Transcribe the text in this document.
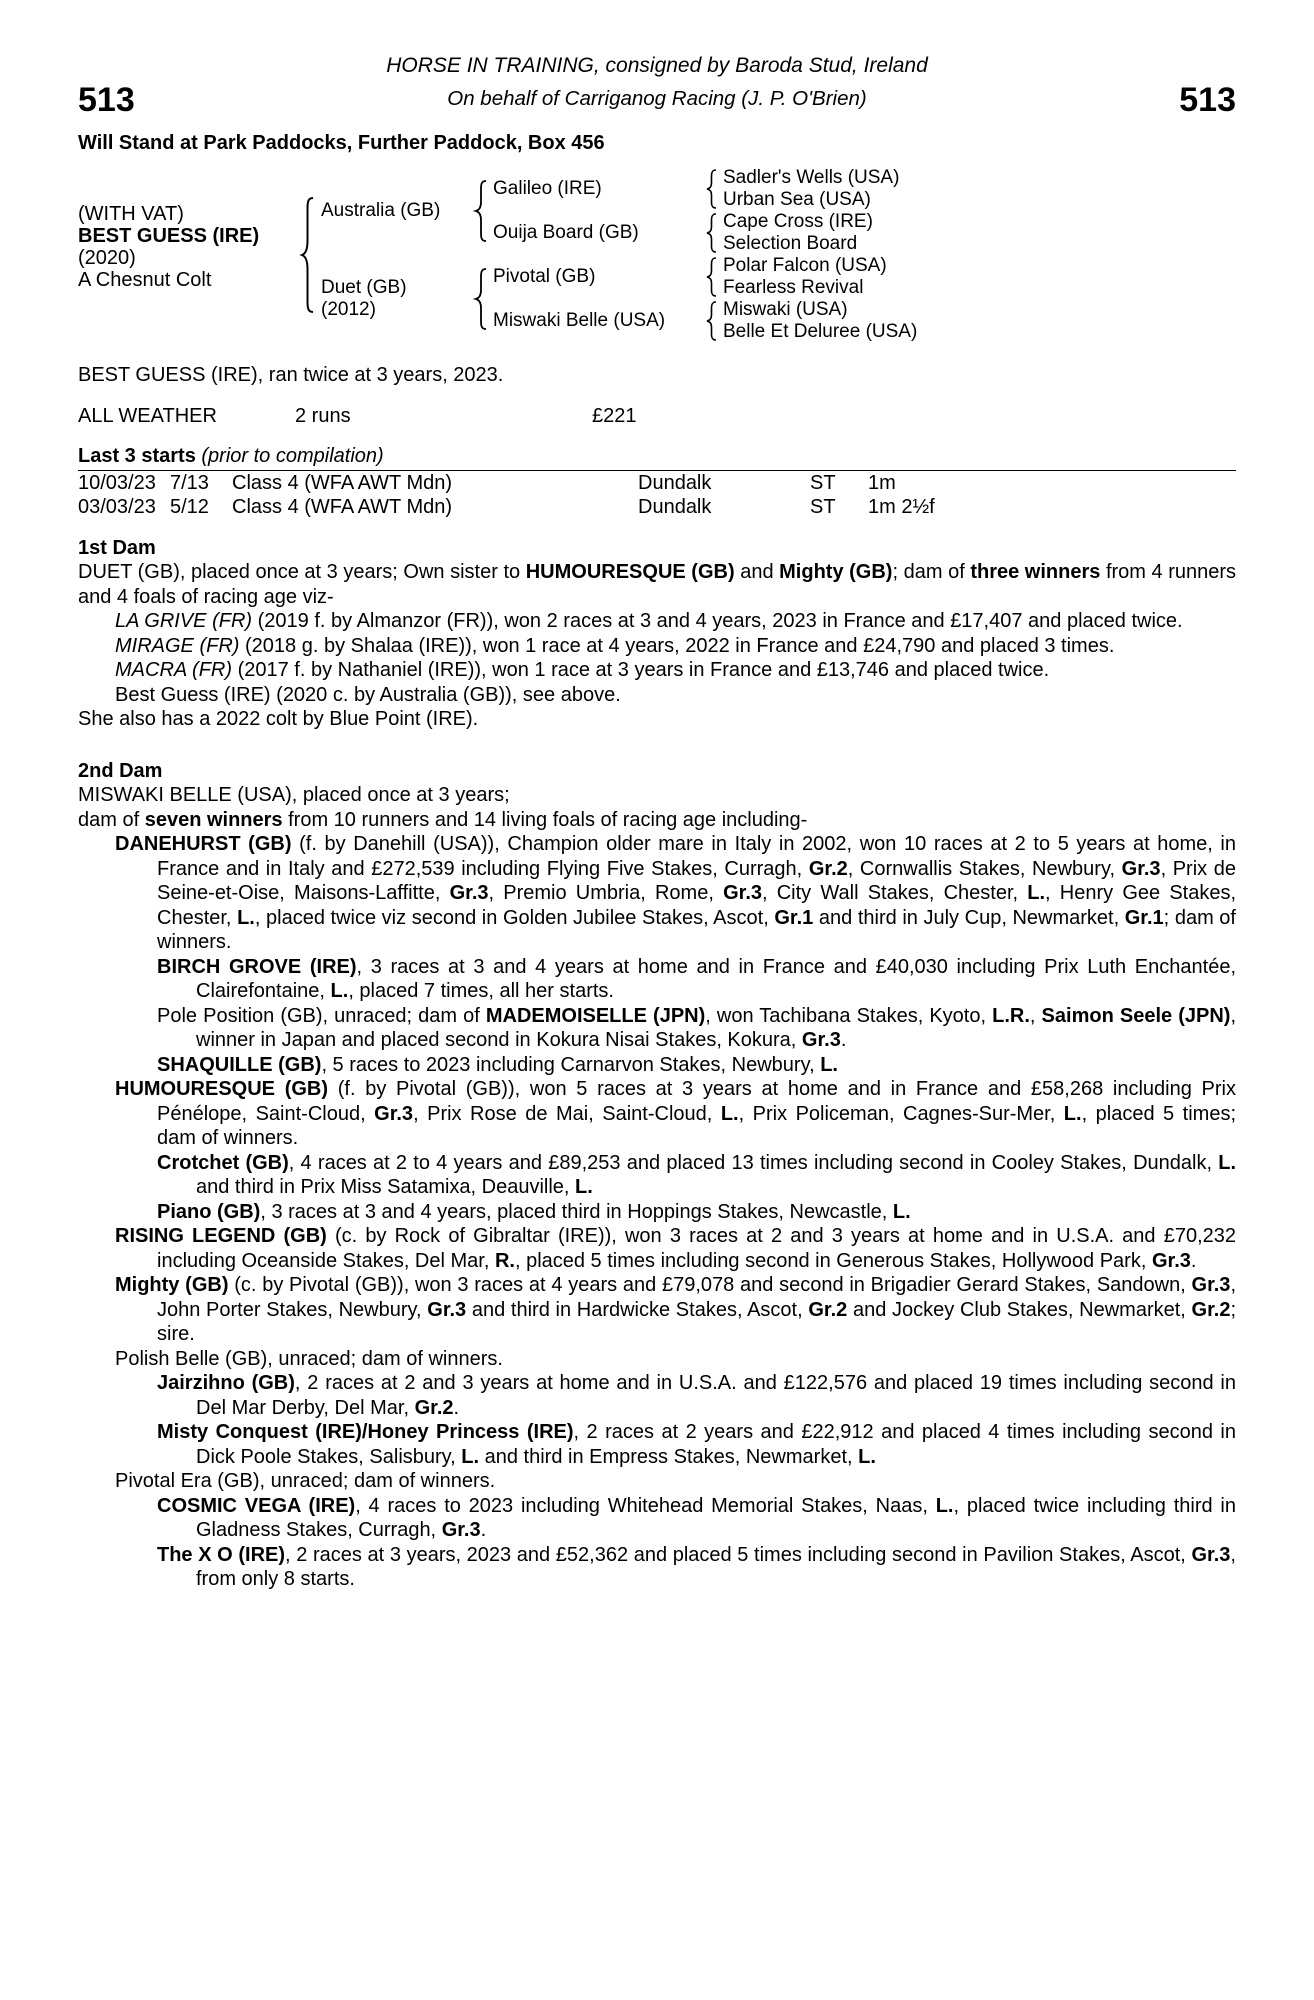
HORSE IN TRAINING, consigned by Baroda Stud, Ireland
513	On behalf of Carriganog Racing (J. P. O'Brien)	513
Will Stand at Park Paddocks, Further Paddock, Box 456
(WITH VAT)
BEST GUESS (IRE)
(2020)
A Chesnut Colt
Australia (GB)
Duet (GB)
(2012)
Galileo (IRE)
Ouija Board (GB)
Pivotal (GB)
Miswaki Belle (USA)
Sadler's Wells (USA)
Urban Sea (USA)
Cape Cross (IRE)
Selection Board
Polar Falcon (USA)
Fearless Revival
Miswaki (USA)
Belle Et Deluree (USA)
BEST GUESS (IRE), ran twice at 3 years, 2023.
ALL WEATHER	2 runs	£221
Last 3 starts (prior to compilation)
10/03/23 7/13	Class 4 (WFA AWT Mdn)	Dundalk	ST	1m
03/03/23 5/12	Class 4 (WFA AWT Mdn)	Dundalk	ST	1m 2½f
1st Dam

DUET (GB), placed once at 3 years; Own sister to HUMOURESQUE (GB) and Mighty (GB); dam of three winners from 4 runners and 4 foals of racing age viz-

LA GRIVE (FR) (2019 f. by Almanzor (FR)), won 2 races at 3 and 4 years, 2023 in France and £17,407 and placed twice.

MIRAGE (FR) (2018 g. by Shalaa (IRE)), won 1 race at 4 years, 2022 in France and £24,790 and placed 3 times.

MACRA (FR) (2017 f. by Nathaniel (IRE)), won 1 race at 3 years in France and £13,746 and placed twice.

Best Guess (IRE) (2020 c. by Australia (GB)), see above.

She also has a 2022 colt by Blue Point (IRE).

2nd Dam

MISWAKI BELLE (USA), placed once at 3 years;

dam of seven winners from 10 runners and 14 living foals of racing age including-

DANEHURST (GB) (f. by Danehill (USA)), Champion older mare in Italy in 2002, won 10 races at 2 to 5 years at home, in France and in Italy and £272,539 including Flying Five Stakes, Curragh, Gr.2, Cornwallis Stakes, Newbury, Gr.3, Prix de Seine-et-Oise, Maisons-Laffitte, Gr.3, Premio Umbria, Rome, Gr.3, City Wall Stakes, Chester, L., Henry Gee Stakes, Chester, L., placed twice viz second in Golden Jubilee Stakes, Ascot, Gr.1 and third in July Cup, Newmarket, Gr.1; dam of winners.

BIRCH GROVE (IRE), 3 races at 3 and 4 years at home and in France and £40,030 including Prix Luth Enchantée, Clairefontaine, L., placed 7 times, all her starts.

Pole Position (GB), unraced; dam of MADEMOISELLE (JPN), won Tachibana Stakes, Kyoto, L.R., Saimon Seele (JPN), winner in Japan and placed second in Kokura Nisai Stakes, Kokura, Gr.3.

SHAQUILLE (GB), 5 races to 2023 including Carnarvon Stakes, Newbury, L.

HUMOURESQUE (GB) (f. by Pivotal (GB)), won 5 races at 3 years at home and in France and £58,268 including Prix Pénélope, Saint-Cloud, Gr.3, Prix Rose de Mai, Saint-Cloud, L., Prix Policeman, Cagnes-Sur-Mer, L., placed 5 times; dam of winners.

Crotchet (GB), 4 races at 2 to 4 years and £89,253 and placed 13 times including second in Cooley Stakes, Dundalk, L. and third in Prix Miss Satamixa, Deauville, L.

Piano (GB), 3 races at 3 and 4 years, placed third in Hoppings Stakes, Newcastle, L.

RISING LEGEND (GB) (c. by Rock of Gibraltar (IRE)), won 3 races at 2 and 3 years at home and in U.S.A. and £70,232 including Oceanside Stakes, Del Mar, R., placed 5 times including second in Generous Stakes, Hollywood Park, Gr.3.

Mighty (GB) (c. by Pivotal (GB)), won 3 races at 4 years and £79,078 and second in Brigadier Gerard Stakes, Sandown, Gr.3, John Porter Stakes, Newbury, Gr.3 and third in Hardwicke Stakes, Ascot, Gr.2 and Jockey Club Stakes, Newmarket, Gr.2; sire.

Polish Belle (GB), unraced; dam of winners.

Jairzihno (GB), 2 races at 2 and 3 years at home and in U.S.A. and £122,576 and placed 19 times including second in Del Mar Derby, Del Mar, Gr.2.

Misty Conquest (IRE)/Honey Princess (IRE), 2 races at 2 years and £22,912 and placed 4 times including second in Dick Poole Stakes, Salisbury, L. and third in Empress Stakes, Newmarket, L.

Pivotal Era (GB), unraced; dam of winners.

COSMIC VEGA (IRE), 4 races to 2023 including Whitehead Memorial Stakes, Naas, L., placed twice including third in Gladness Stakes, Curragh, Gr.3.

The X O (IRE), 2 races at 3 years, 2023 and £52,362 and placed 5 times including second in Pavilion Stakes, Ascot, Gr.3, from only 8 starts.
